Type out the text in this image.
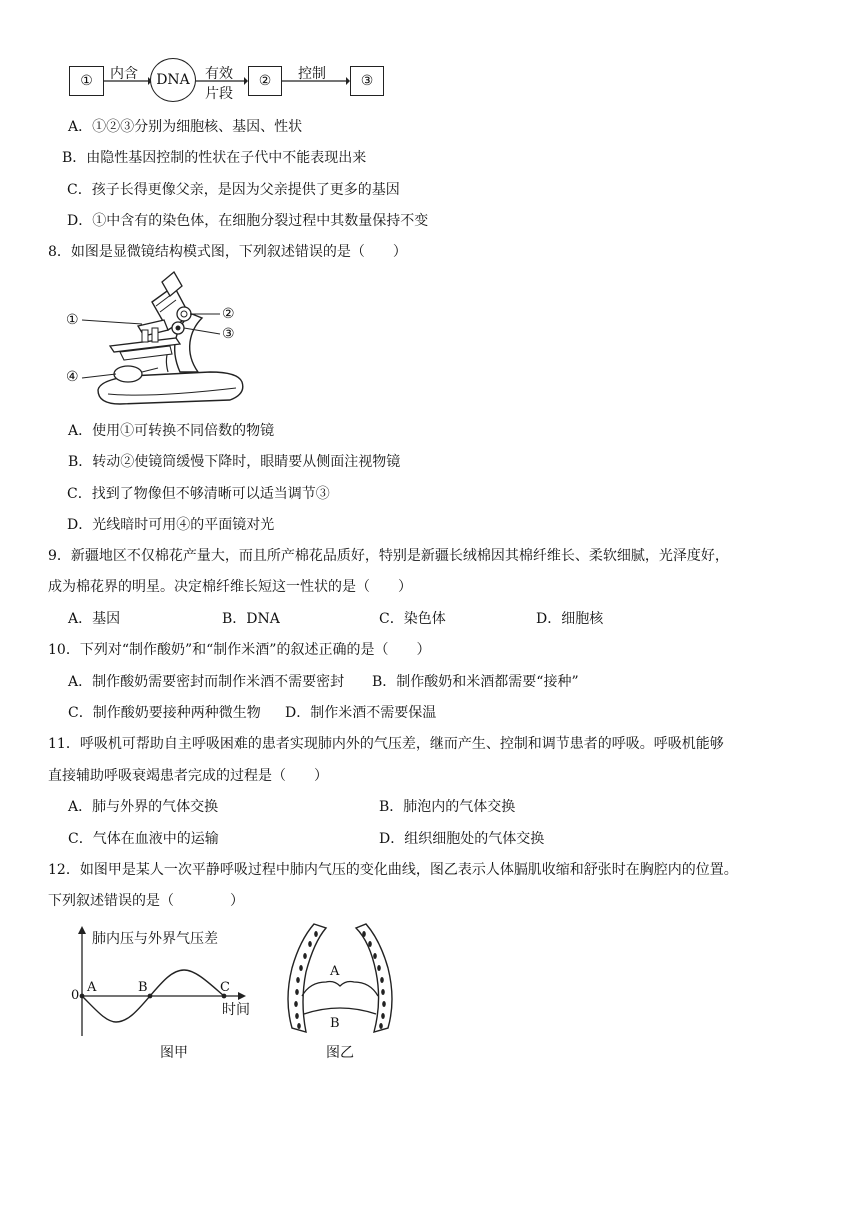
①	内含	DNA	有效
片段
②	控制	③
A．①②③分别为细胞核、基因、性状
B．由隐性基因控制的性状在子代中不能表现出来
C．孩子长得更像父亲，是因为父亲提供了更多的基因
D．①中含有的染色体，在细胞分裂过程中其数量保持不变
8．如图是显微镜结构模式图，下列叙述错误的是（　　）
①	②
③
④
A．使用①可转换不同倍数的物镜
B．转动②使镜筒缓慢下降时，眼睛要从侧面注视物镜
C．找到了物像但不够清晰可以适当调节③
D．光线暗时可用④的平面镜对光
9．新疆地区不仅棉花产量大，而且所产棉花品质好，特别是新疆长绒棉因其棉纤维长、柔软细腻，光泽度好，
成为棉花界的明星。决定棉纤维长短这一性状的是（　　）
A．基因	B．DNA	C．染色体	D．细胞核
10．下列对“制作酸奶”和“制作米酒”的叙述正确的是（　　）
A．制作酸奶需要密封而制作米酒不需要密封 B．制作酸奶和米酒都需要“接种”
C．制作酸奶要接种两种微生物 D．制作米酒不需要保温
11．呼吸机可帮助自主呼吸困难的患者实现肺内外的气压差，继而产生、控制和调节患者的呼吸。呼吸机能够
直接辅助呼吸衰竭患者完成的过程是（　　）
A．肺与外界的气体交换	B．肺泡内的气体交换
C．气体在血液中的运输	D．组织细胞处的气体交换
12．如图甲是某人一次平静呼吸过程中肺内气压的变化曲线，图乙表示人体膈肌收缩和舒张时在胸腔内的位置。
下列叙述错误的是（　　　　）
肺内压与外界气压差
0
A	B	C
时间
图甲
A
B
图乙
